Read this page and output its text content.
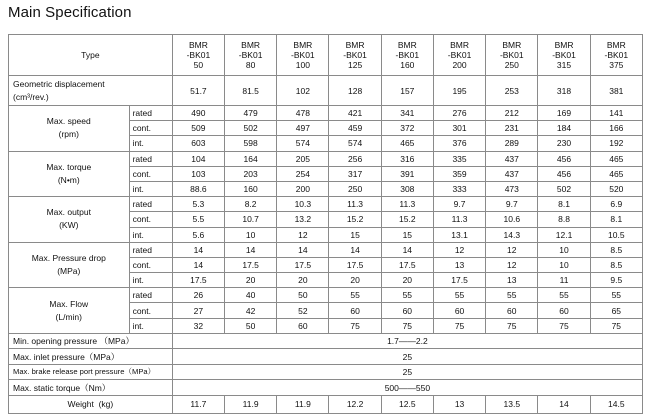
Main Specification
Type		BMR
-BK01
50	BMR
-BK01
80	BMR
-BK01
100	BMR
-BK01
125	BMR
-BK01
160	BMR
-BK01
200	BMR
-BK01
250	BMR
-BK01
315	BMR
-BK01
375

Geometric displacement
(cm³/rev.)		51.7	81.5	102	128	157	195	253	318	381

Max. speed
(rpm)	rated	490	479	478	421	341	276	212	169	141
	cont.	509	502	497	459	372	301	231	184	166
	int.	603	598	574	574	465	376	289	230	192

Max. torque
(N•m)	rated	104	164	205	256	316	335	437	456	465
	cont.	103	203	254	317	391	359	437	456	465
	int.	88.6	160	200	250	308	333	473	502	520

Max. output
(KW)	rated	5.3	8.2	10.3	11.3	11.3	9.7	9.7	8.1	6.9
	cont.	5.5	10.7	13.2	15.2	15.2	11.3	10.6	8.8	8.1
	int.	5.6	10	12	15	15	13.1	14.3	12.1	10.5

Max. Pressure drop
(MPa)	rated	14	14	14	14	14	12	12	10	8.5
	cont.	14	17.5	17.5	17.5	17.5	13	12	10	8.5
	int.	17.5	20	20	20	20	17.5	13	11	9.5

Max. Flow
(L/min)	rated	26	40	50	55	55	55	55	55	55
	cont.	27	42	52	60	60	60	60	60	65
	int.	32	50	60	75	75	75	75	75	75
Min. opening pressure （MPa）		1.7——2.2								
Max. inlet pressure（MPa）		25								
Max. brake release port pressure（MPa）		25								
Max. static torque（Nm）		500——550								
Weight  (kg)		11.7	11.9	11.9	12.2	12.5	13	13.5	14	14.5
